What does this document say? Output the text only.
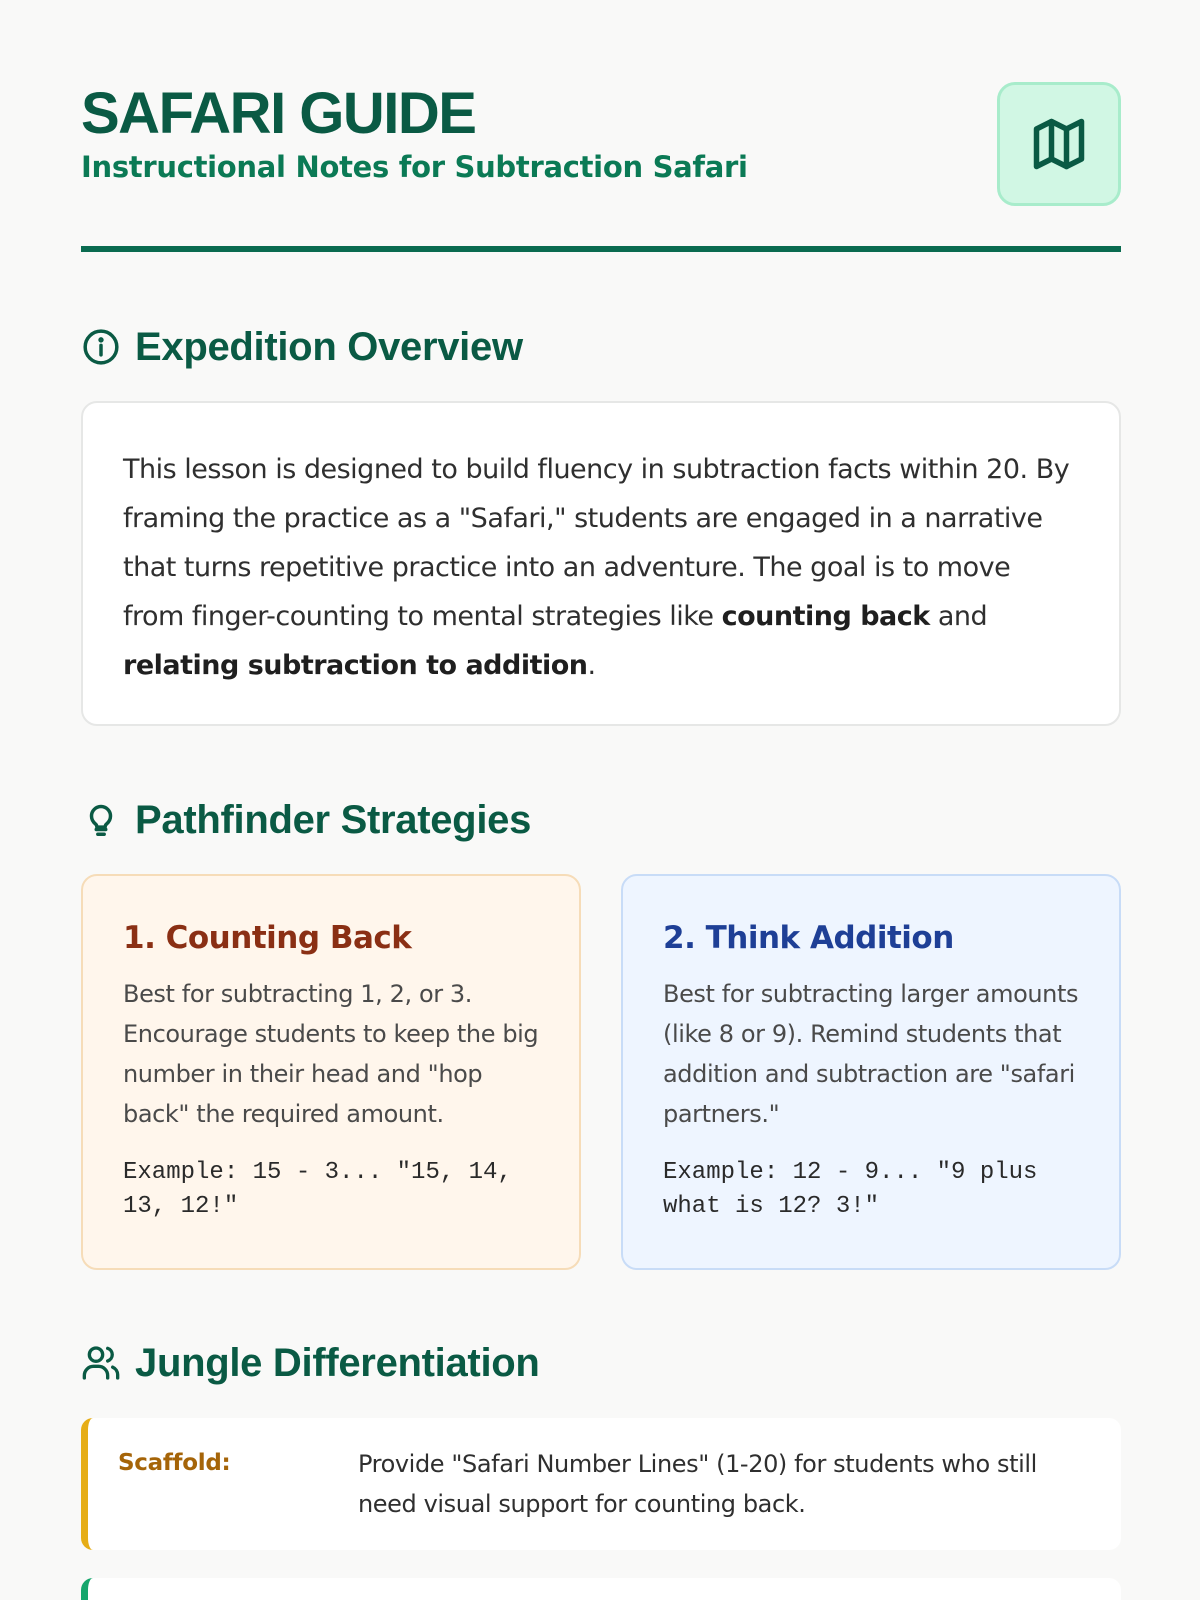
SAFARI GUIDE
Instructional Notes for Subtraction Safari
Expedition Overview
This lesson is designed to build fluency in subtraction facts within 20. By framing the practice as a "Safari," students are engaged in a narrative that turns repetitive practice into an adventure. The goal is to move from finger-counting to mental strategies like counting back and relating subtraction to addition.
Pathfinder Strategies
1. Counting Back

Best for subtracting 1, 2, or 3. Encourage students to keep the big number in their head and "hop back" the required amount.

Example: 15 - 3... "15, 14, 13, 12!"
2. Think Addition

Best for subtracting larger amounts (like 8 or 9). Remind students that addition and subtraction are "safari partners."

Example: 12 - 9... "9 plus what is 12? 3!"
Jungle Differentiation
Scaffold:	Provide "Safari Number Lines" (1-20) for students who still need visual support for counting back.
